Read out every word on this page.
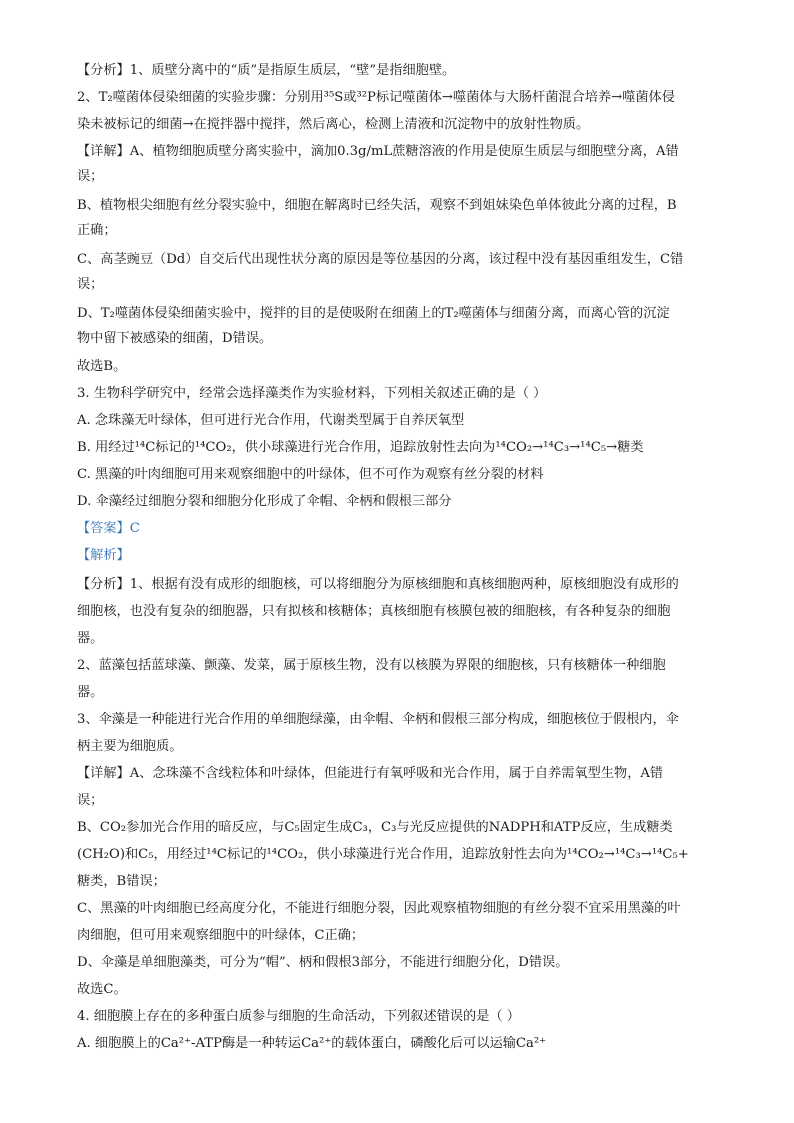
【分析】1、质壁分离中的“质”是指原生质层，“壁”是指细胞壁。

2、T₂噬菌体侵染细菌的实验步骤：分别用³⁵S或³²P标记噬菌体→噬菌体与大肠杆菌混合培养→噬菌体侵

染未被标记的细菌→在搅拌器中搅拌，然后离心，检测上清液和沉淀物中的放射性物质。

【详解】A、植物细胞质壁分离实验中，滴加0.3g/mL蔗糖溶液的作用是使原生质层与细胞壁分离，A错

误；

B、植物根尖细胞有丝分裂实验中，细胞在解离时已经失活，观察不到姐妹染色单体彼此分离的过程，B

正确；

C、高茎豌豆（Dd）自交后代出现性状分离的原因是等位基因的分离，该过程中没有基因重组发生，C错

误；

D、T₂噬菌体侵染细菌实验中，搅拌的目的是使吸附在细菌上的T₂噬菌体与细菌分离，而离心管的沉淀

物中留下被感染的细菌，D错误。

故选B。

3. 生物科学研究中，经常会选择藻类作为实验材料，下列相关叙述正确的是（ ）

A. 念珠藻无叶绿体，但可进行光合作用，代谢类型属于自养厌氧型

B. 用经过¹⁴C标记的¹⁴CO₂，供小球藻进行光合作用，追踪放射性去向为¹⁴CO₂→¹⁴C₃→¹⁴C₅→糖类

C. 黑藻的叶肉细胞可用来观察细胞中的叶绿体，但不可作为观察有丝分裂的材料

D. 伞藻经过细胞分裂和细胞分化形成了伞帽、伞柄和假根三部分

【答案】C

【解析】

【分析】1、根据有没有成形的细胞核，可以将细胞分为原核细胞和真核细胞两种，原核细胞没有成形的

细胞核，也没有复杂的细胞器，只有拟核和核糖体；真核细胞有核膜包被的细胞核，有各种复杂的细胞

器。

2、蓝藻包括蓝球藻、颤藻、发菜，属于原核生物，没有以核膜为界限的细胞核，只有核糖体一种细胞

器。

3、伞藻是一种能进行光合作用的单细胞绿藻，由伞帽、伞柄和假根三部分构成，细胞核位于假根内，伞

柄主要为细胞质。

【详解】A、念珠藻不含线粒体和叶绿体，但能进行有氧呼吸和光合作用，属于自养需氧型生物，A错

误；

B、CO₂参加光合作用的暗反应，与C₅固定生成C₃，C₃与光反应提供的NADPH和ATP反应，生成糖类

(CH₂O)和C₅，用经过¹⁴C标记的¹⁴CO₂，供小球藻进行光合作用，追踪放射性去向为¹⁴CO₂→¹⁴C₃→¹⁴C₅+

糖类，B错误；

C、黑藻的叶肉细胞已经高度分化，不能进行细胞分裂，因此观察植物细胞的有丝分裂不宜采用黑藻的叶

肉细胞，但可用来观察细胞中的叶绿体，C正确；

D、伞藻是单细胞藻类，可分为“帽”、柄和假根3部分，不能进行细胞分化，D错误。

故选C。

4. 细胞膜上存在的多种蛋白质参与细胞的生命活动，下列叙述错误的是（ ）

A. 细胞膜上的Ca²⁺-ATP酶是一种转运Ca²⁺的载体蛋白，磷酸化后可以运输Ca²⁺
